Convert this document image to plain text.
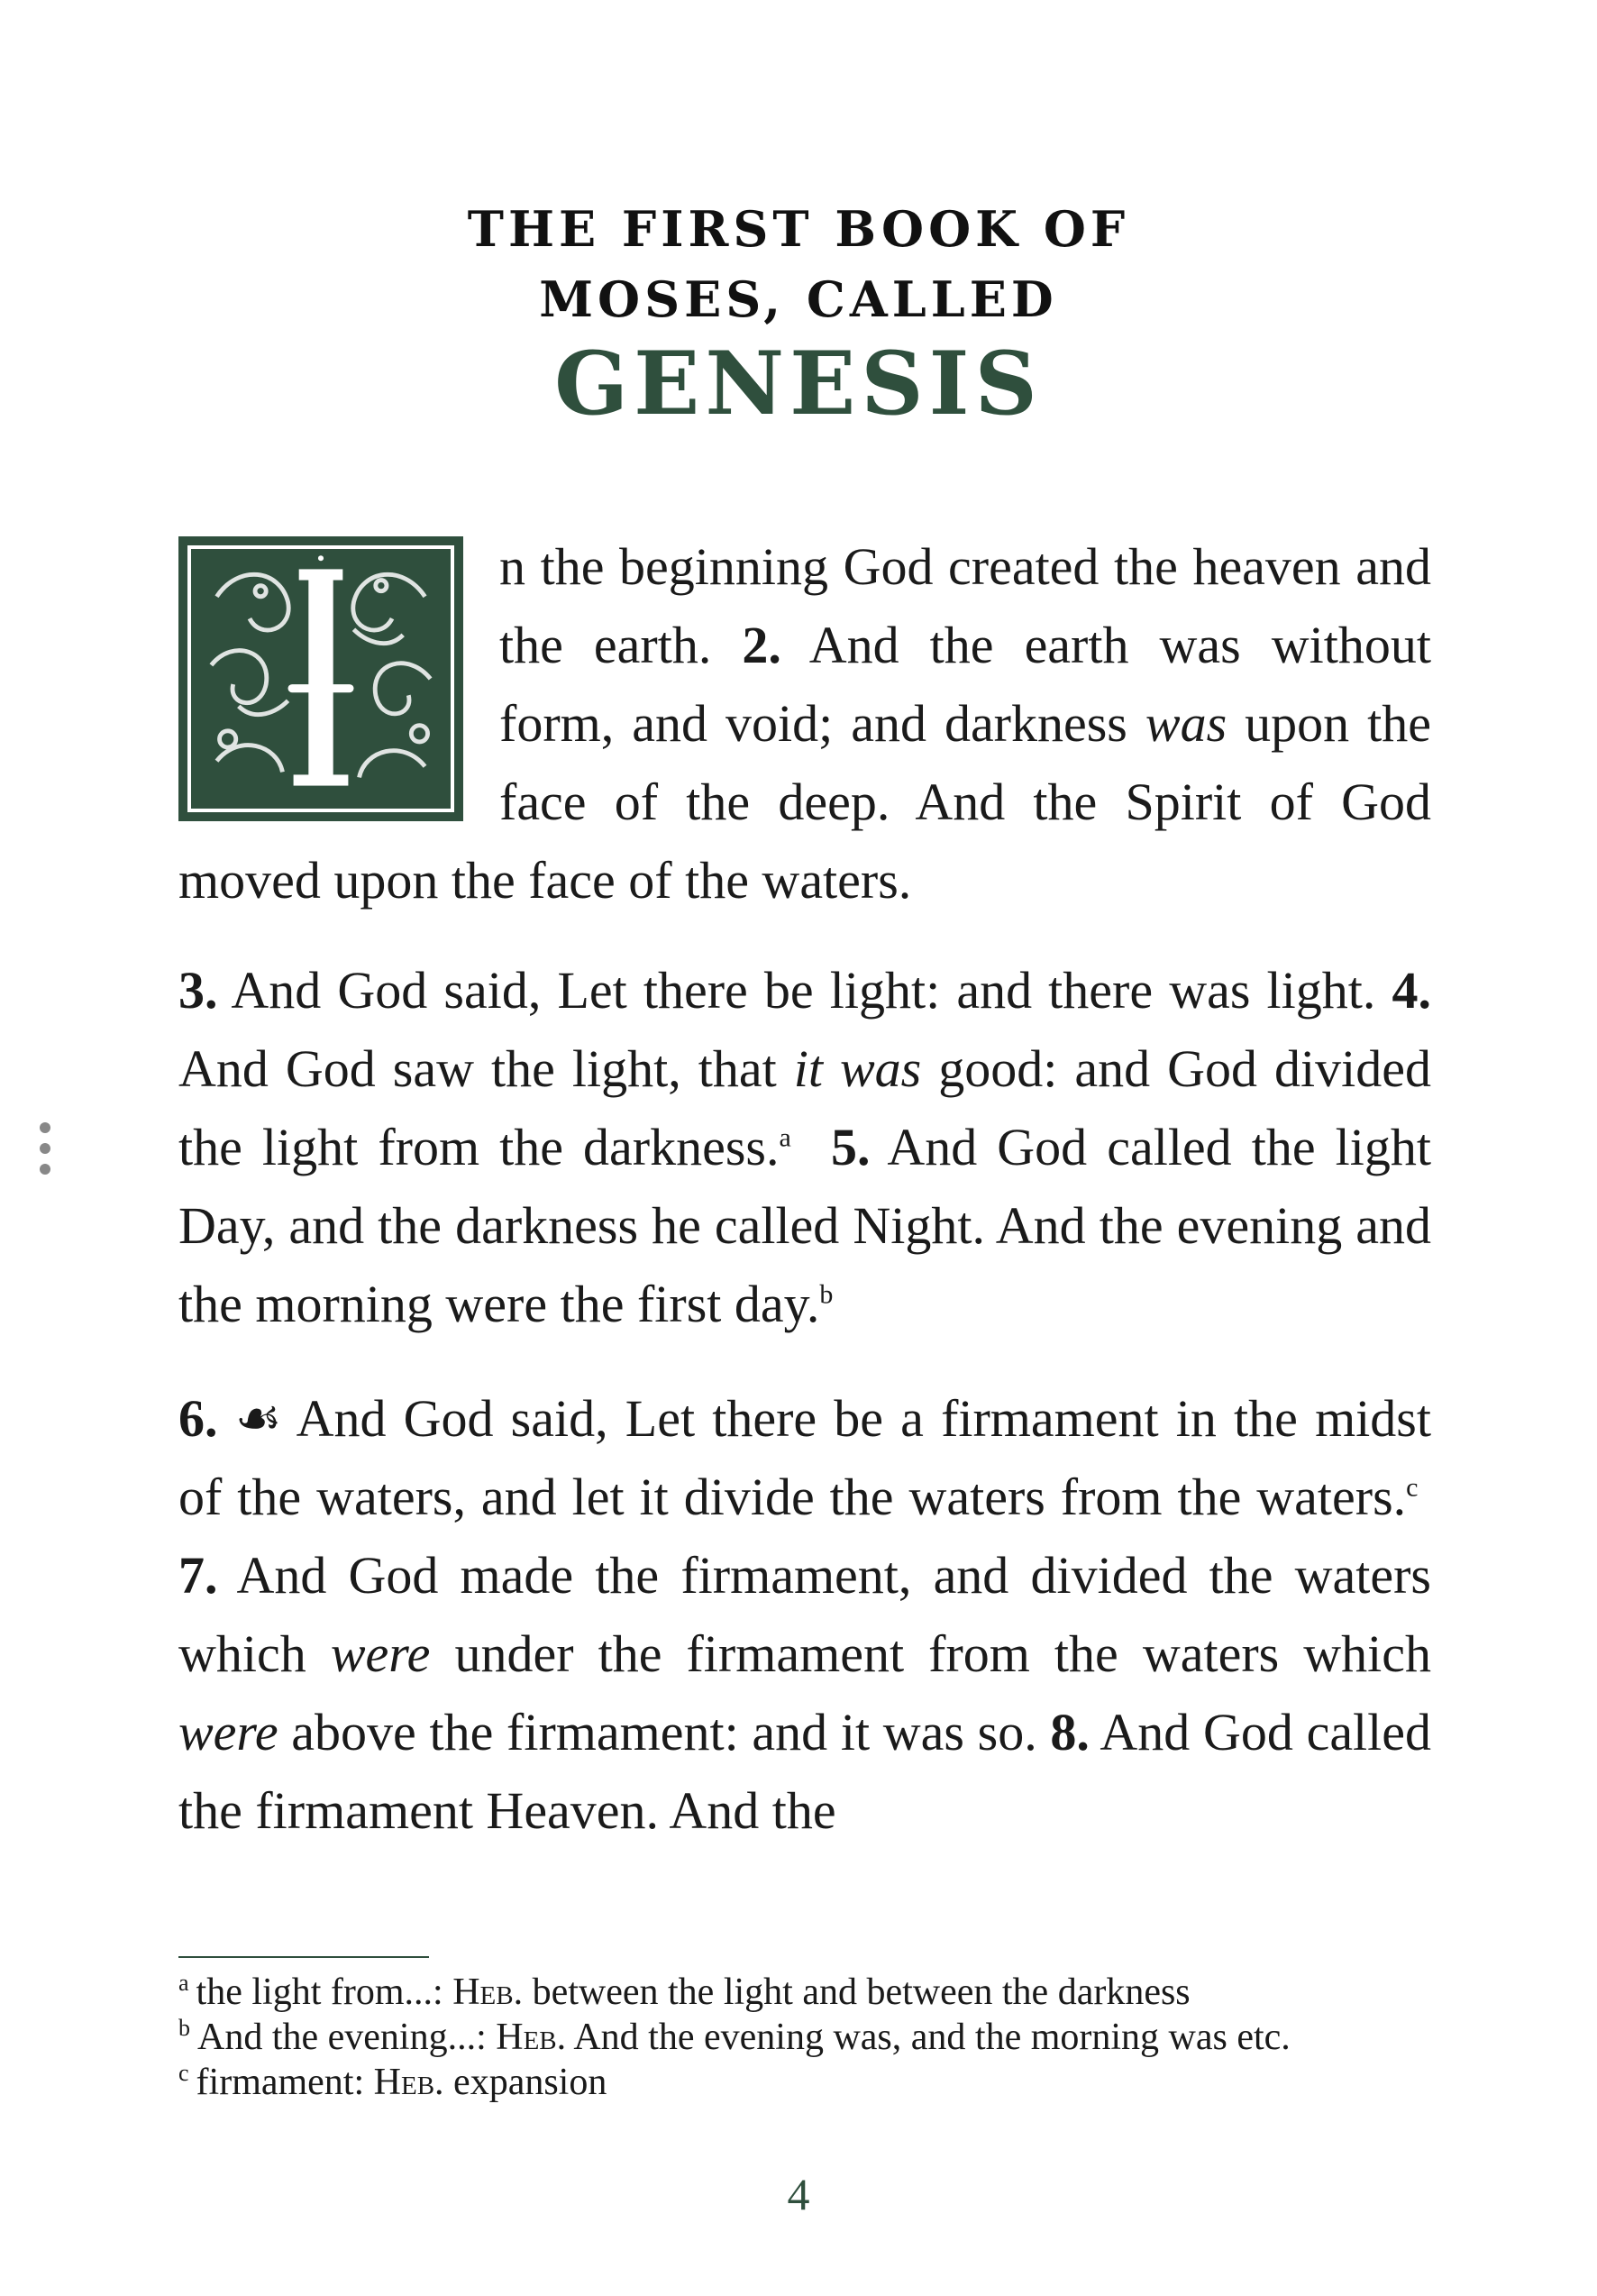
THE FIRST BOOK OF
MOSES, CALLED
GENESIS

n the beginning God created the heaven and the earth. 2. And the earth was without form, and void; and darkness was upon the face of the deep. And the Spirit of God moved upon the face of the waters.

3. And God said, Let there be light: and there was light. 4. And God saw the light, that it was good: and God divided the light from the darkness.$^a$ 5. And God called the light Day, and the darkness he called Night. And the evening and the morning were the first day.$^b$

6. ☙ And God said, Let there be a firmament in the midst of the waters, and let it divide the waters from the waters.$^c$  7. And God made the firmament, and divided the waters which were under the firmament from the waters which were above the firmament: and it was so. 8. And God called the firmament Heaven. And the

$^a$ the light from...: Heb. between the light and between the darkness
$^b$ And the evening...: Heb. And the evening was, and the morning was etc.
$^c$ firmament: Heb. expansion
4
